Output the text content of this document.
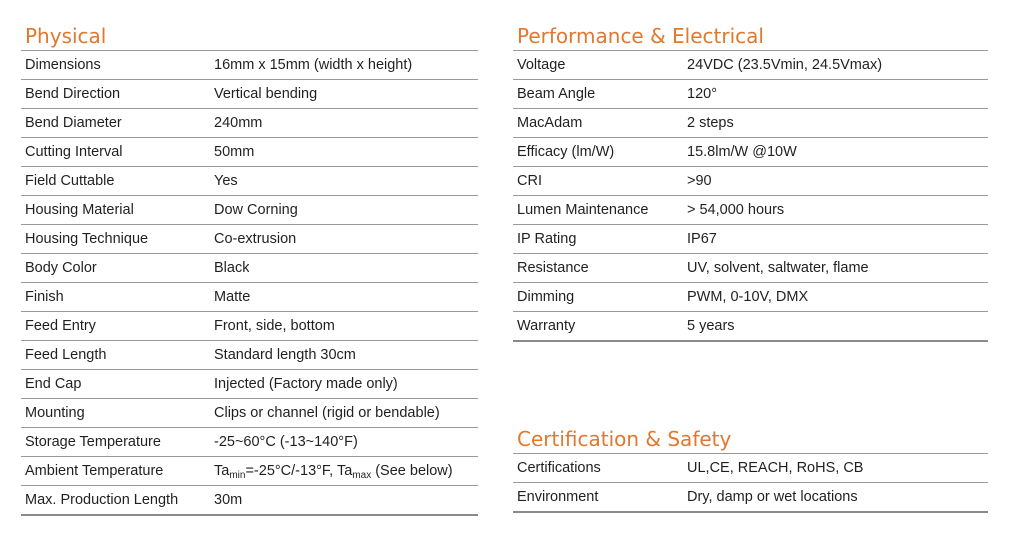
Physical
Dimensions	16mm x 15mm (width x height)
Bend Direction	Vertical bending
Bend Diameter	240mm
Cutting Interval	50mm
Field Cuttable	Yes
Housing Material	Dow Corning
Housing Technique	Co-extrusion
Body Color	Black
Finish	Matte
Feed Entry	Front, side, bottom
Feed Length	Standard length 30cm
End Cap	Injected (Factory made only)
Mounting	Clips or channel (rigid or bendable)
Storage Temperature	-25~60°C (-13~140°F)
Ambient Temperature	$Ta_{min}=-25^\circ C/-13^\circ F$, $Ta_{max}$ (See below)
Max. Production Length	30m
Performance & Electrical
Voltage	24VDC (23.5Vmin, 24.5Vmax)
Beam Angle	120°
MacAdam	2 steps
Efficacy (lm/W)	15.8lm/W @10W
CRI	>90
Lumen Maintenance	> 54,000 hours
IP Rating	IP67
Resistance	UV, solvent, saltwater, flame
Dimming	PWM, 0-10V, DMX
Warranty	5 years
Certification & Safety
Certifications	UL,CE, REACH, RoHS, CB
Environment	Dry, damp or wet locations
